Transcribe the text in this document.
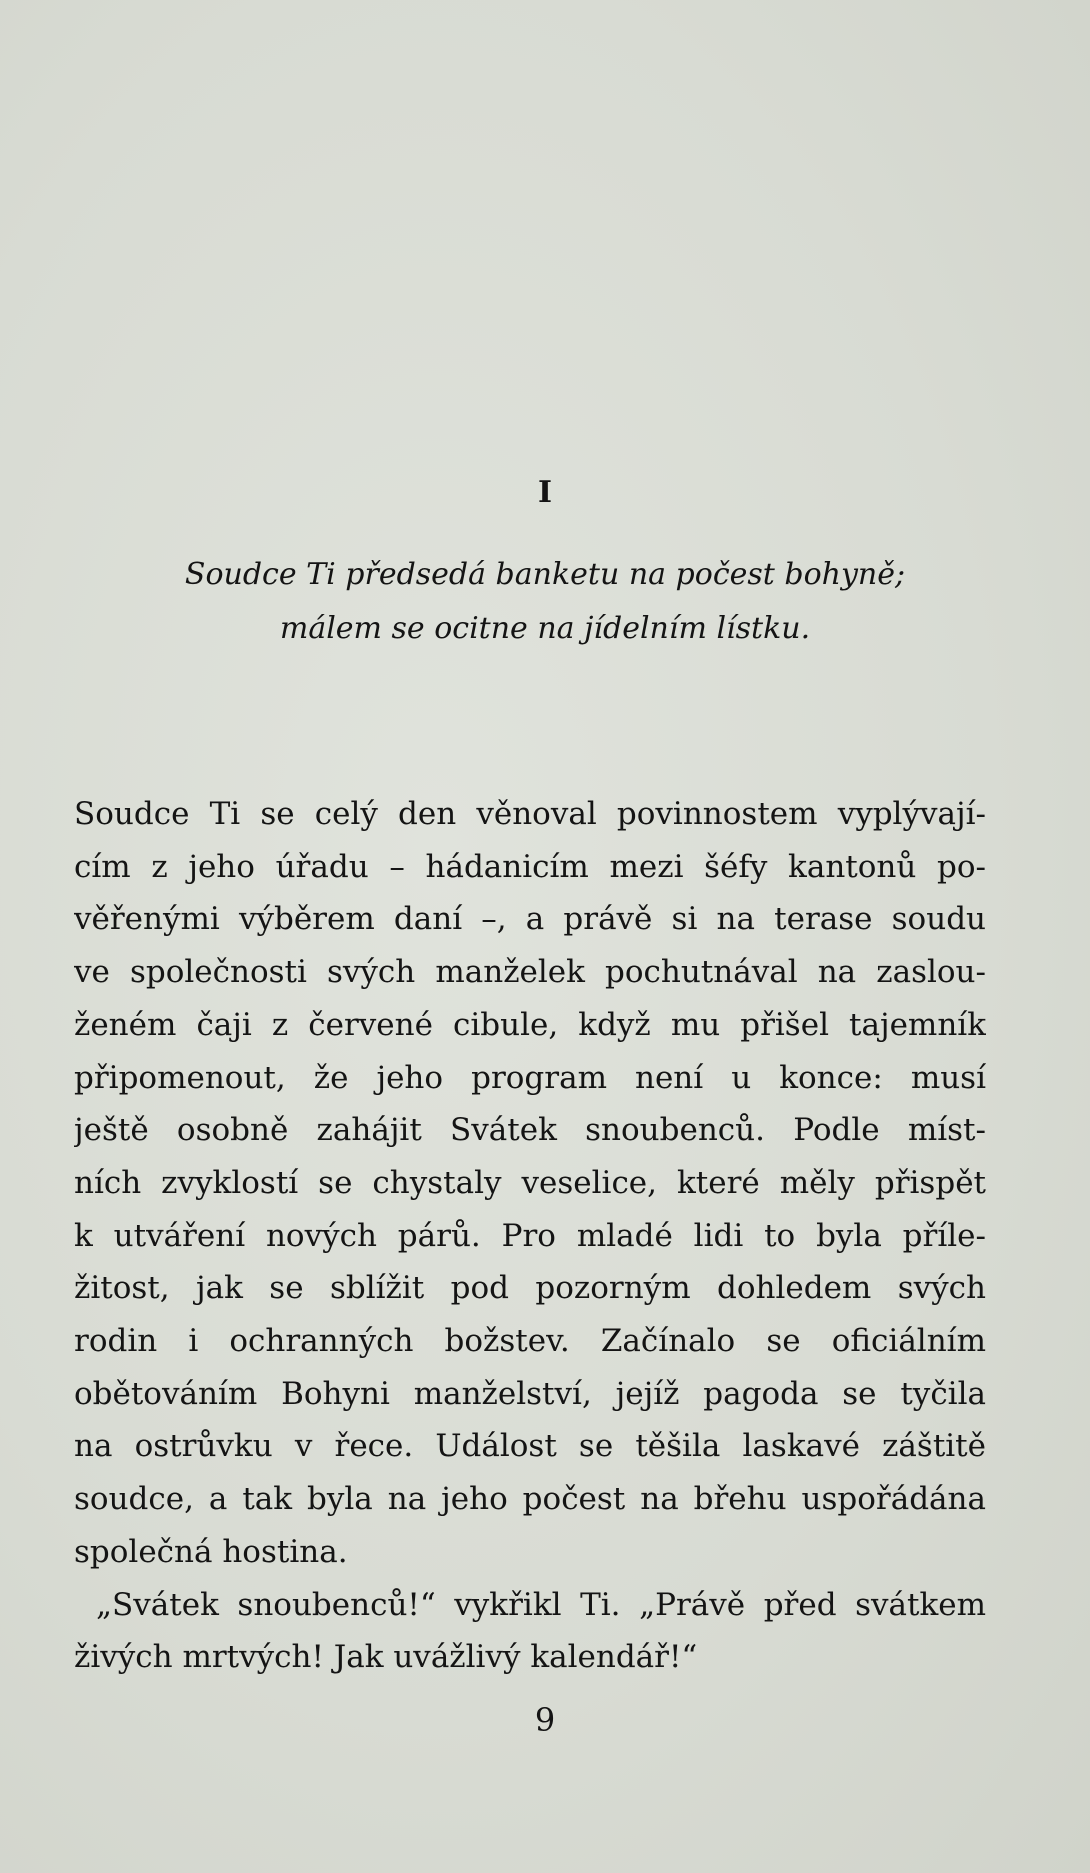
I
Soudce Ti předsedá banketu na počest bohyně;
málem se ocitne na jídelním lístku.
Soudce Ti se celý den věnoval povinnostem vyplývají-
cím z jeho úřadu – hádanicím mezi šéfy kantonů po-
věřenými výběrem daní –, a právě si na terase soudu
ve společnosti svých manželek pochutnával na zaslou-
ženém čaji z červené cibule, když mu přišel tajemník
připomenout, že jeho program není u konce: musí
ještě osobně zahájit Svátek snoubenců. Podle míst-
ních zvyklostí se chystaly veselice, které měly přispět
k utváření nových párů. Pro mladé lidi to byla příle-
žitost, jak se sblížit pod pozorným dohledem svých
rodin i ochranných božstev. Začínalo se oficiálním
obětováním Bohyni manželství, jejíž pagoda se tyčila
na ostrůvku v řece. Událost se těšila laskavé záštitě
soudce, a tak byla na jeho počest na břehu uspořádána
společná hostina.
„Svátek snoubenců!“ vykřikl Ti. „Právě před svátkem
živých mrtvých! Jak uvážlivý kalendář!“
9
